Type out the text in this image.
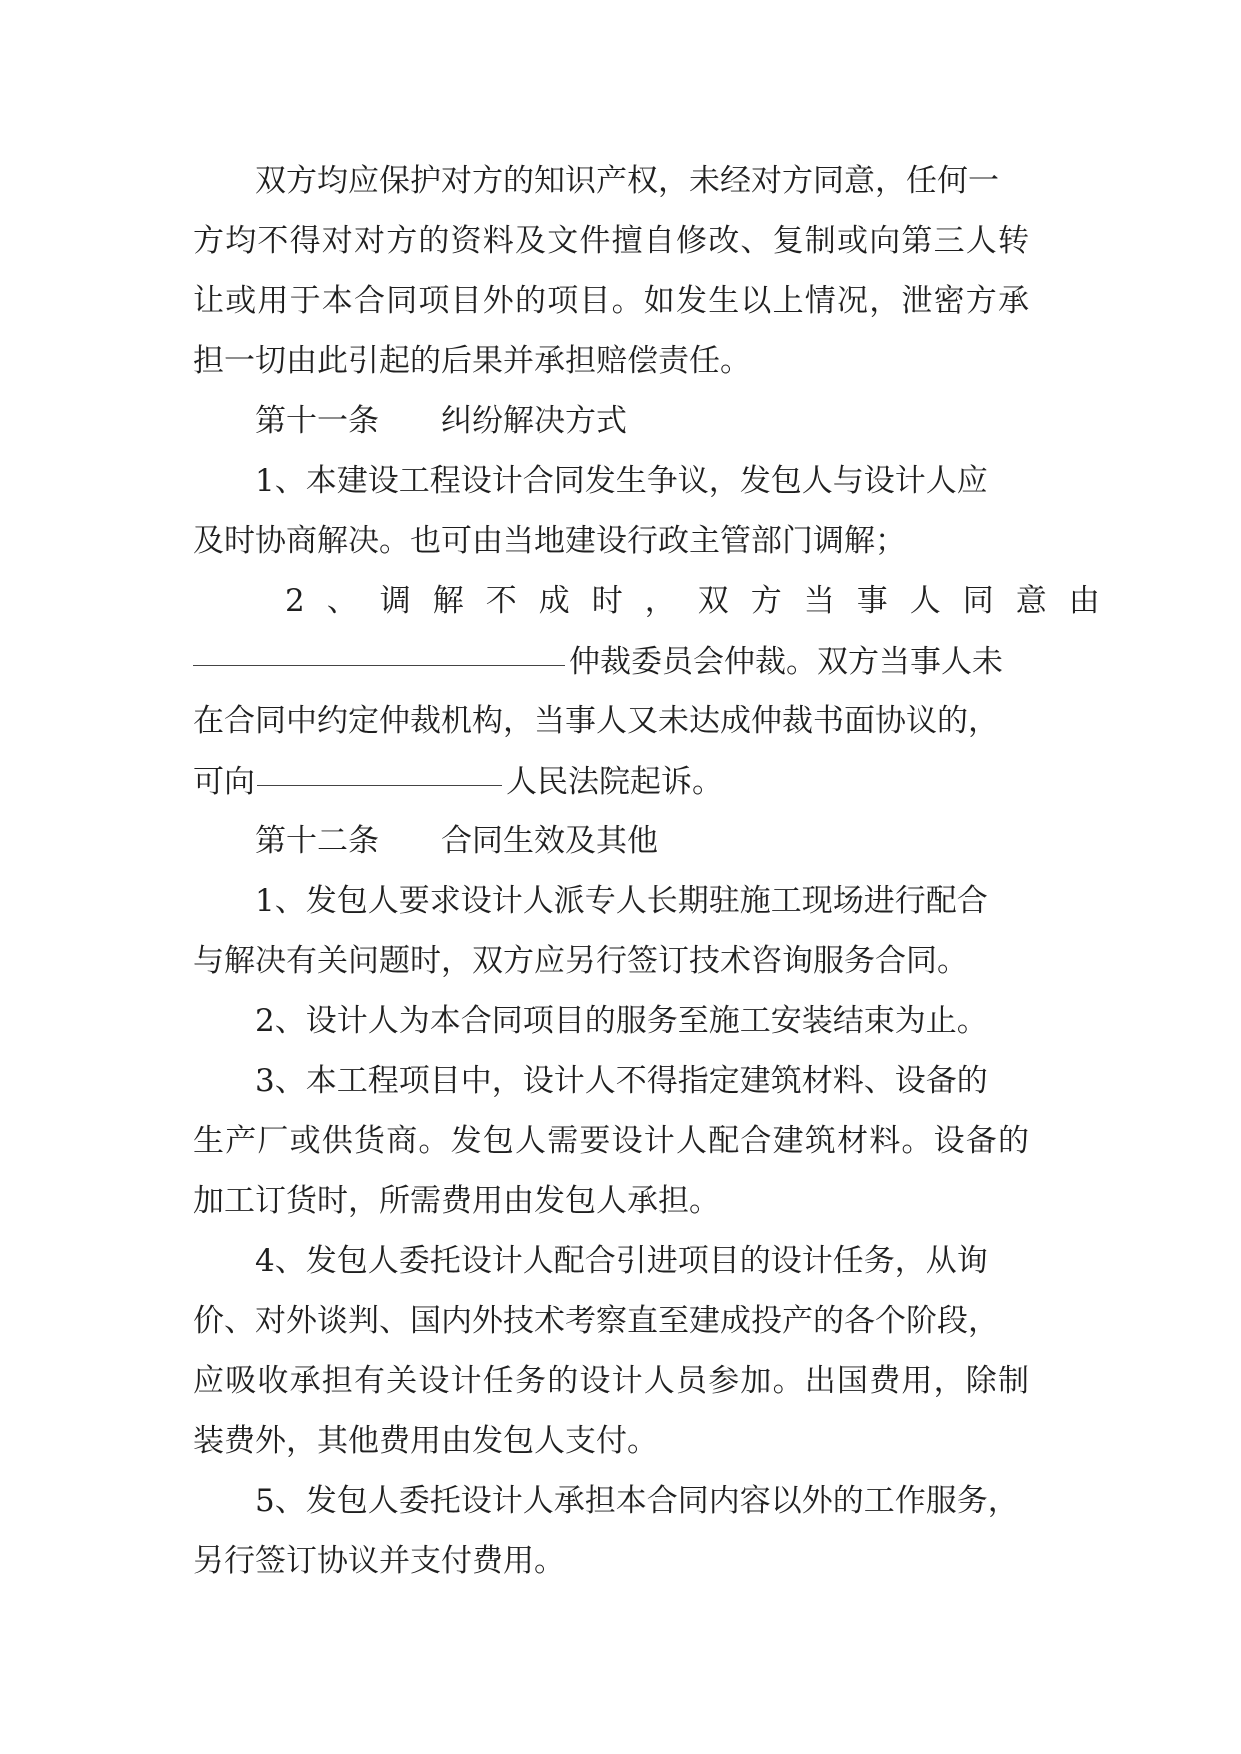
双方均应保护对方的知识产权，未经对方同意，任何一
方均不得对对方的资料及文件擅自修改、复制或向第三人转
让或用于本合同项目外的项目。如发生以上情况，泄密方承
担一切由此引起的后果并承担赔偿责任。
第十一条　　纠纷解决方式
1、本建设工程设计合同发生争议，发包人与设计人应
及时协商解决。也可由当地建设行政主管部门调解；
2、调解不成时，双方当事人同意由
仲裁委员会仲裁。双方当事人未
在合同中约定仲裁机构，当事人又未达成仲裁书面协议的，
可向	人民法院起诉。
第十二条　　合同生效及其他
1、发包人要求设计人派专人长期驻施工现场进行配合
与解决有关问题时，双方应另行签订技术咨询服务合同。
2、设计人为本合同项目的服务至施工安装结束为止。
3、本工程项目中，设计人不得指定建筑材料、设备的
生产厂或供货商。发包人需要设计人配合建筑材料。设备的
加工订货时，所需费用由发包人承担。
4、发包人委托设计人配合引进项目的设计任务，从询
价、对外谈判、国内外技术考察直至建成投产的各个阶段，
应吸收承担有关设计任务的设计人员参加。出国费用，除制
装费外，其他费用由发包人支付。
5、发包人委托设计人承担本合同内容以外的工作服务，
另行签订协议并支付费用。
